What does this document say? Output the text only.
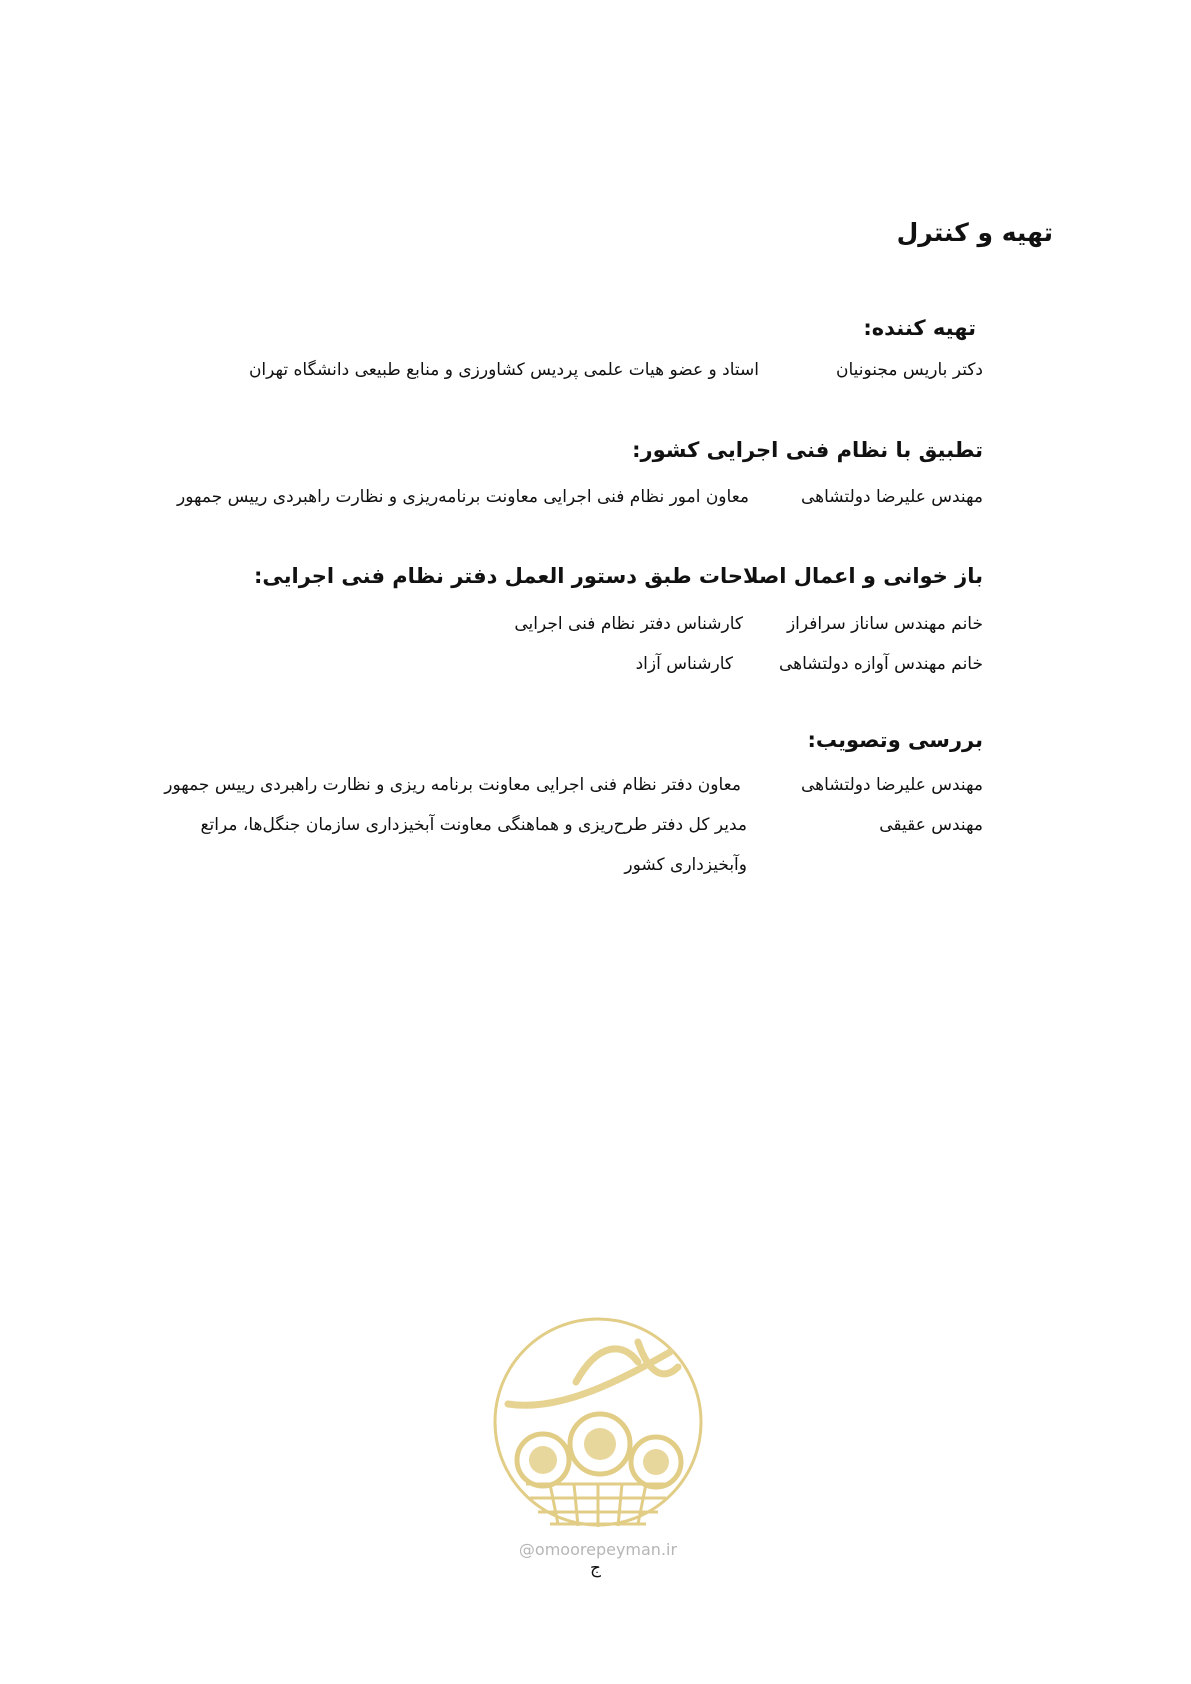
تهیه و کنترل
تهیه کننده:
دکتر باریس مجنونیان
استاد و عضو هیات علمی پردیس کشاورزی و منابع طبیعی دانشگاه تهران
تطبیق با نظام فنی اجرایی کشور:
مهندس علیرضا دولتشاهی
معاون امور نظام فنی اجرایی معاونت برنامه‌ریزی و نظارت راهبردی رییس جمهور
باز خوانی و اعمال اصلاحات طبق دستور العمل دفتر نظام فنی اجرایی:
خانم مهندس ساناز سرافراز
کارشناس دفتر نظام فنی اجرایی
خانم مهندس آوازه دولتشاهی
کارشناس آزاد
بررسی وتصویب:
مهندس علیرضا دولتشاهی
معاون دفتر نظام فنی اجرایی معاونت برنامه ریزی و نظارت راهبردی رییس جمهور
مهندس عقیقی
مدیر کل دفتر طرح‌ریزی و هماهنگی معاونت آبخیزداری سازمان جنگل‌ها، مراتع وآبخیزداری کشور
@omoorepeyman.ir
ج
